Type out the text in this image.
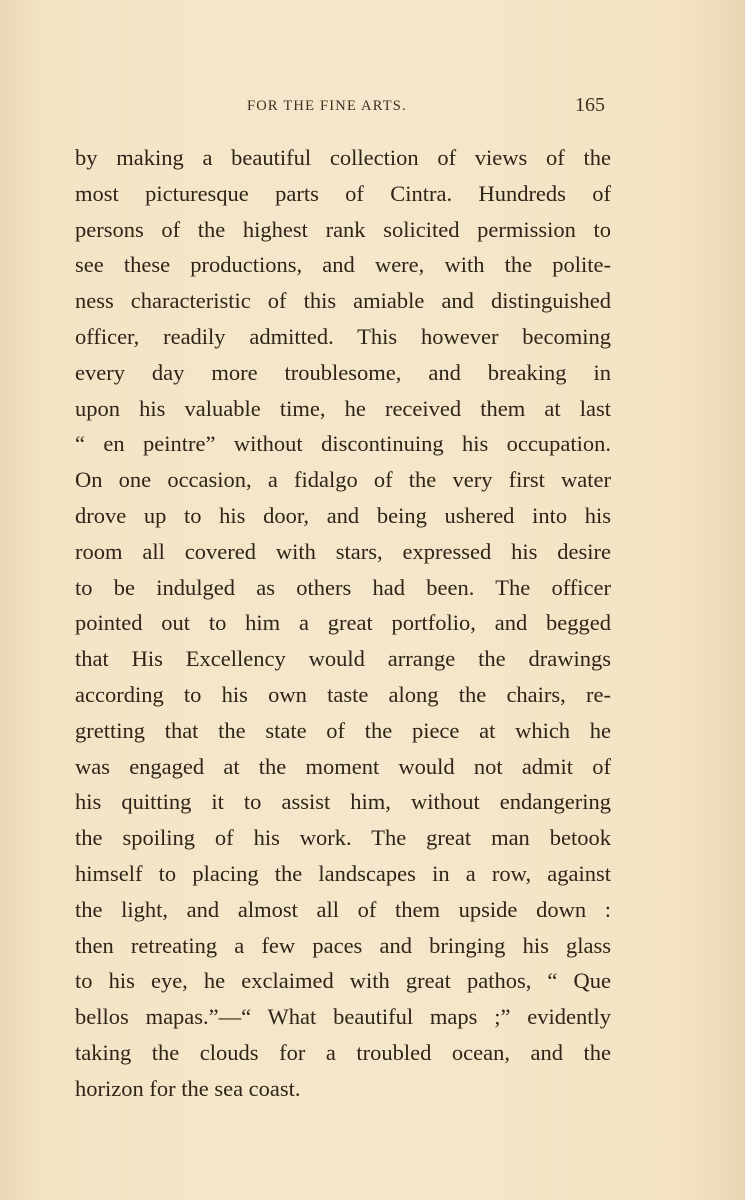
FOR THE FINE ARTS.	165
by making a beautiful collection of views of the
most picturesque parts of Cintra. Hundreds of
persons of the highest rank solicited permission to
see these productions, and were, with the polite-
ness characteristic of this amiable and distinguished
officer, readily admitted. This however becoming
every day more troublesome, and breaking in
upon his valuable time, he received them at last
“ en peintre” without discontinuing his occupation.
On one occasion, a fidalgo of the very first water
drove up to his door, and being ushered into his
room all covered with stars, expressed his desire
to be indulged as others had been. The officer
pointed out to him a great portfolio, and begged
that His Excellency would arrange the drawings
according to his own taste along the chairs, re-
gretting that the state of the piece at which he
was engaged at the moment would not admit of
his quitting it to assist him, without endangering
the spoiling of his work. The great man betook
himself to placing the landscapes in a row, against
the light, and almost all of them upside down :
then retreating a few paces and bringing his glass
to his eye, he exclaimed with great pathos, “ Que
bellos mapas.”—“ What beautiful maps ;” evidently
taking the clouds for a troubled ocean, and the
horizon for the sea coast.
